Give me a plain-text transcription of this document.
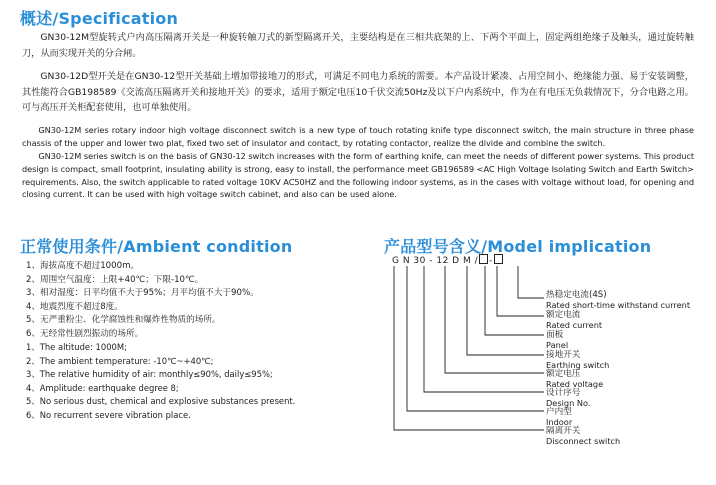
概述/Specification

GN30-12M型旋转式户内高压隔离开关是一种旋转触刀式的新型隔离开关，主要结构是在三相共底架的上、下两个平面上，固定两组绝缘子及触头，通过旋转触刀，从而实现开关的分合闸。

GN30-12D型开关是在GN30-12型开关基础上增加带接地刀的形式，可满足不同电力系统的需要。本产品设计紧凑、占用空间小、绝缘能力强、易于安装调整，其性能符合GB198589《交流高压隔离开关和接地开关》的要求，适用于额定电压10千伏交流50Hz及以下户内系统中，作为在有电压无负载情况下，分合电路之用。可与高压开关柜配套使用，也可单独使用。

GN30-12M series rotary indoor high voltage disconnect switch is a new type of touch rotating knife type disconnect switch, the main structure in three phase chassis of the upper and lower two plat, fixed two set of insulator and contact, by rotating contactor, realize the divide and combine the switch.

GN30-12M series switch is on the basis of GN30-12 switch increases with the form of earthing knife, can meet the needs of different power systems. This product design is compact, small footprint, insulating ability is strong, easy to install, the performance meet GB196589 <AC High Voltage Isolating Switch and Earth Switch> requirements. Also, the switch applicable to rated voltage 10KV AC50HZ and the following indoor systems, as in the cases with voltage without load, for opening and closing current. It can be used with high voltage switch cabinet, and also can be used alone.

正常使用条件/Ambient condition
1、海拔高度不超过1000m。
2、周围空气温度：上限+40℃；下限-10℃。
3、相对湿度：日平均值不大于95%；月平均值不大于90%。
4、地震烈度不超过8度。
5、无严重粉尘、化学腐蚀性和爆炸性物质的场所。
6、无经常性剧烈振动的场所。
1、The altitude: 1000M;
2、The ambient temperature: -10℃~+40℃;
3、The relative humidity of air: monthly≤90%, daily≤95%;
4、Amplitude: earthquake degree 8;
5、No serious dust, chemical and explosive substances present.
6、No recurrent severe vibration place.
产品型号含义/Model implication
G N 30 - 12 D M / -
热稳定电流(4S)
Rated short-time withstand current
额定电流
Rated current
面板
Panel
接地开关
Earthing switch
额定电压
Rated voltage
设计序号
Design No.
户内型
Indoor
隔离开关
Disconnect switch
